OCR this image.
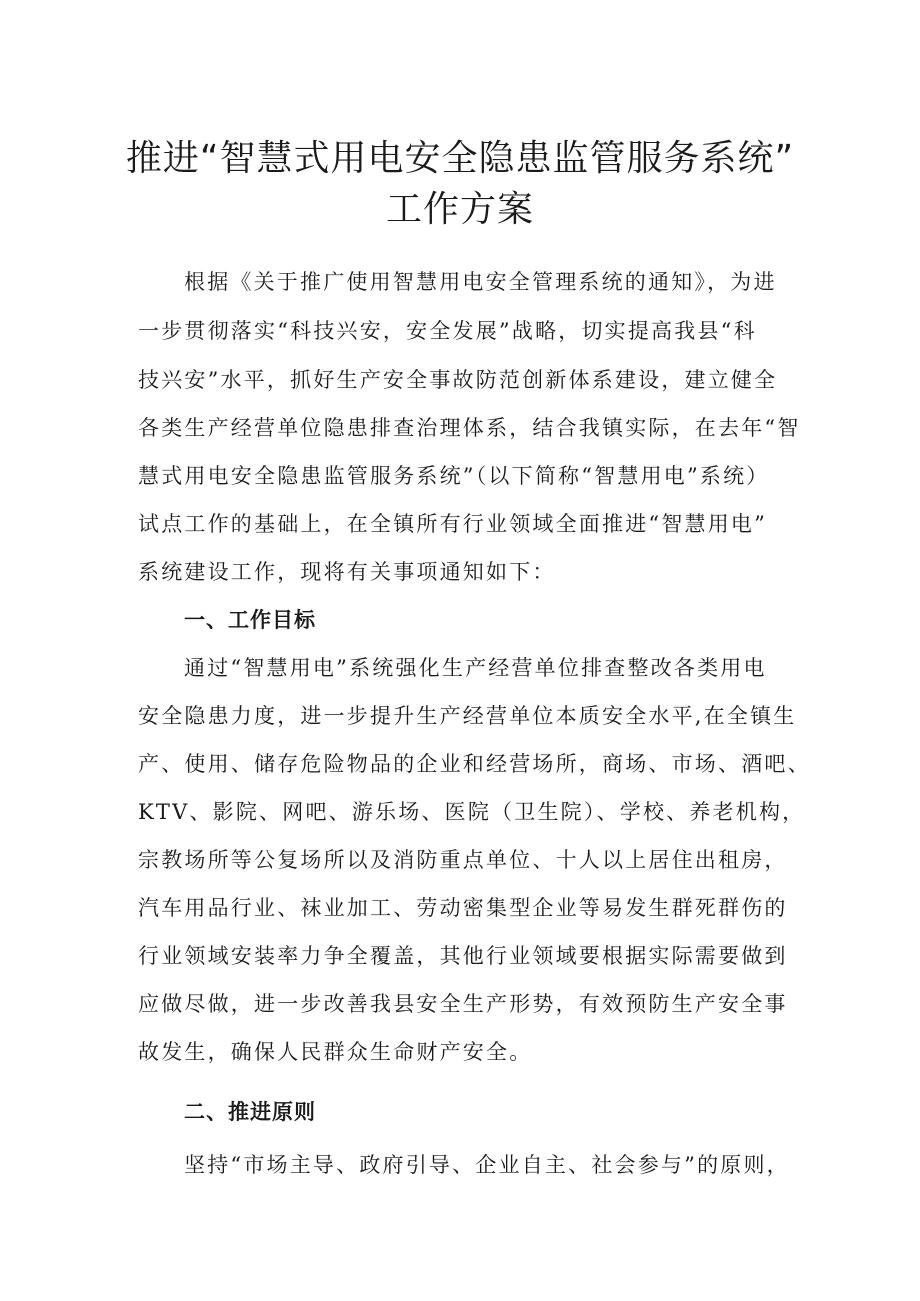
推进“智慧式用电安全隐患监管服务系统”
工作方案

根据《关于推广使用智慧用电安全管理系统的通知》，为进

一步贯彻落实“科技兴安，安全发展”战略，切实提高我县“科

技兴安”水平，抓好生产安全事故防范创新体系建设，建立健全

各类生产经营单位隐患排查治理体系，结合我镇实际，在去年“智

慧式用电安全隐患监管服务系统”（以下简称“智慧用电”系统）

试点工作的基础上，在全镇所有行业领域全面推进“智慧用电”

系统建设工作，现将有关事项通知如下：

一、工作目标

通过“智慧用电”系统强化生产经营单位排查整改各类用电

安全隐患力度，进一步提升生产经营单位本质安全水平,在全镇生

产、使用、储存危险物品的企业和经营场所，商场、市场、酒吧、

KTV、影院、网吧、游乐场、医院（卫生院）、学校、养老机构，

宗教场所等公复场所以及消防重点单位、十人以上居住出租房，

汽车用品行业、袜业加工、劳动密集型企业等易发生群死群伤的

行业领域安装率力争全覆盖，其他行业领域要根据实际需要做到

应做尽做，进一步改善我县安全生产形势，有效预防生产安全事

故发生，确保人民群众生命财产安全。

二、推进原则

坚持“市场主导、政府引导、企业自主、社会参与”的原则，
